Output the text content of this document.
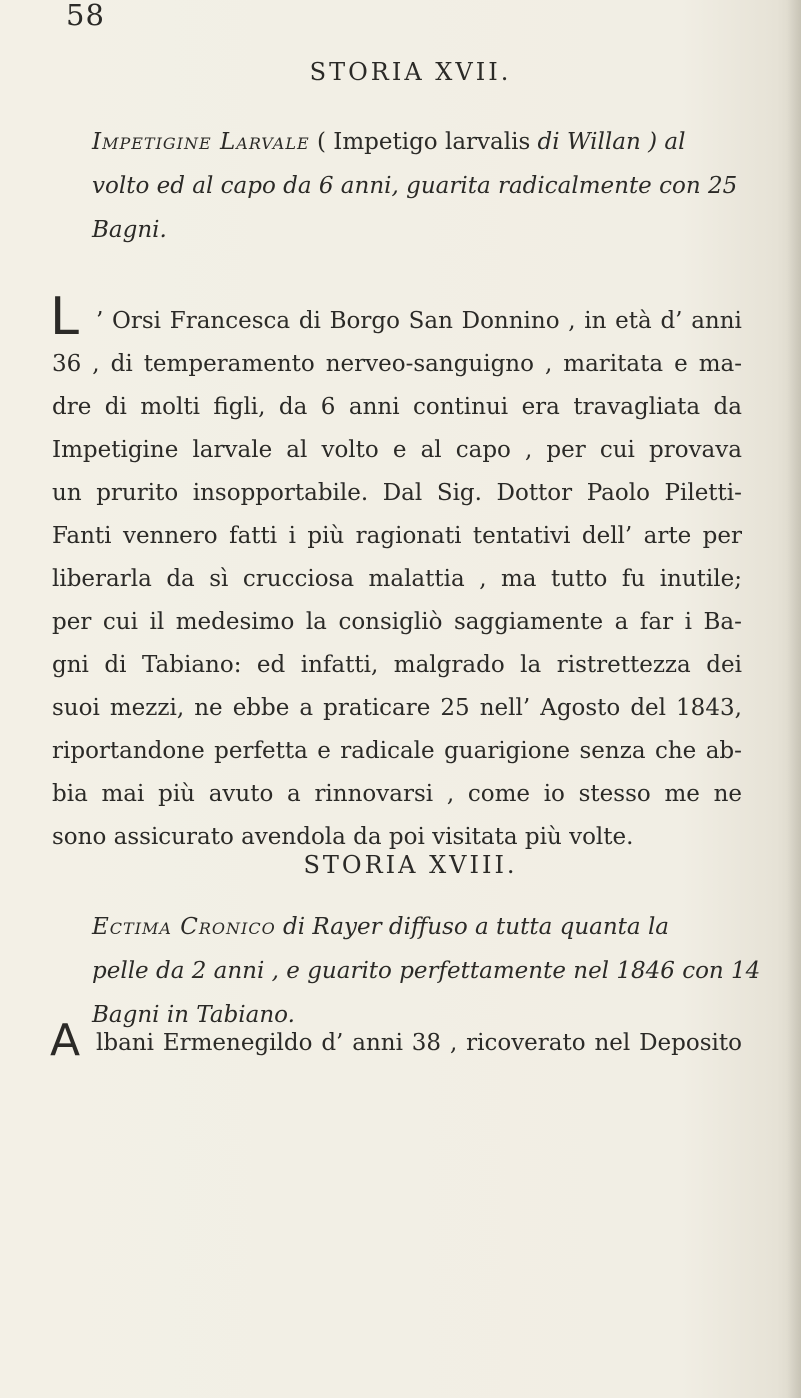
58
STORIA XVII.
Impetigine Larvale ( Impetigo larvalis di Willan ) al
volto ed al capo da 6 anni, guarita radicalmente con 25
Bagni.
L ’ Orsi Francesca di Borgo San Donnino , in età d’ anni
36 , di temperamento nerveo-sanguigno , maritata e ma-
dre di molti figli, da 6 anni continui era travagliata da
Impetigine larvale al volto e al capo , per cui provava
un prurito insopportabile. Dal Sig. Dottor Paolo Piletti-
Fanti vennero fatti i più ragionati tentativi dell’ arte per
liberarla da sì crucciosa malattia , ma tutto fu inutile;
per cui il medesimo la consigliò saggiamente a far i Ba-
gni di Tabiano: ed infatti, malgrado la ristrettezza dei
suoi mezzi, ne ebbe a praticare 25 nell’ Agosto del 1843,
riportandone perfetta e radicale guarigione senza che ab-
bia mai più avuto a rinnovarsi , come io stesso me ne
sono assicurato avendola da poi visitata più volte.
STORIA XVIII.
Ectima Cronico di Rayer diffuso a tutta quanta la
pelle da 2 anni , e guarito perfettamente nel 1846 con 14
Bagni in Tabiano.
A lbani Ermenegildo d’ anni 38 , ricoverato nel Deposito
